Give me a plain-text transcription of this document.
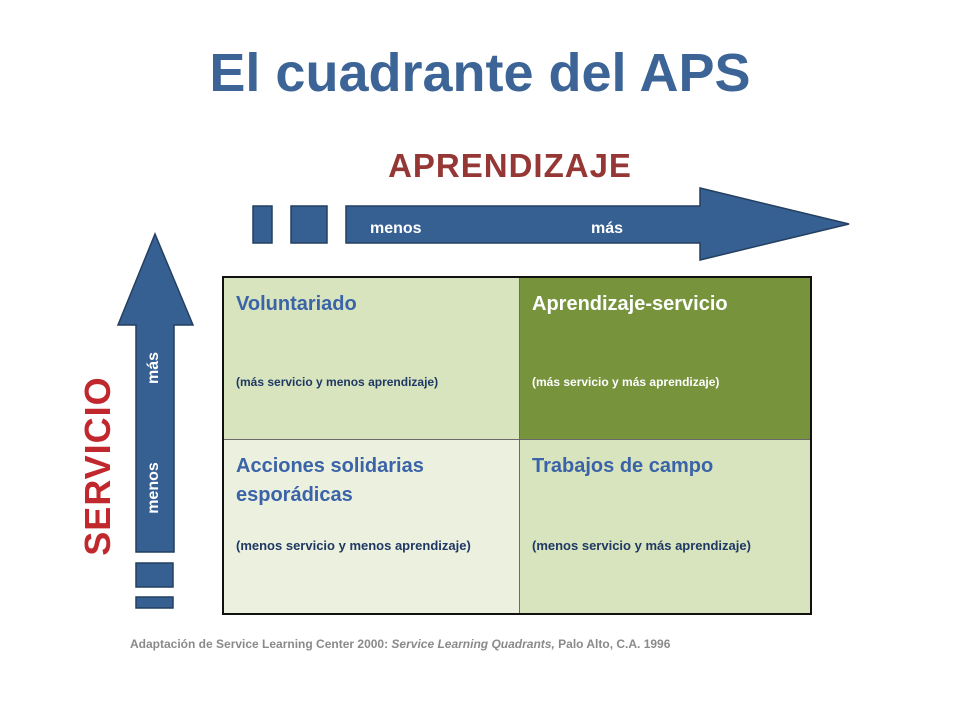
El cuadrante del APS
APRENDIZAJE
menos	más
SERVICIO menos
más
Voluntariado
(más servicio y menos aprendizaje)
Aprendizaje-servicio
(más servicio y más aprendizaje)
Acciones solidarias esporádicas
(menos servicio y menos aprendizaje)
Trabajos de campo
(menos servicio y más aprendizaje)
Adaptación de Service Learning Center 2000: Service Learning Quadrants, Palo Alto, C.A. 1996
